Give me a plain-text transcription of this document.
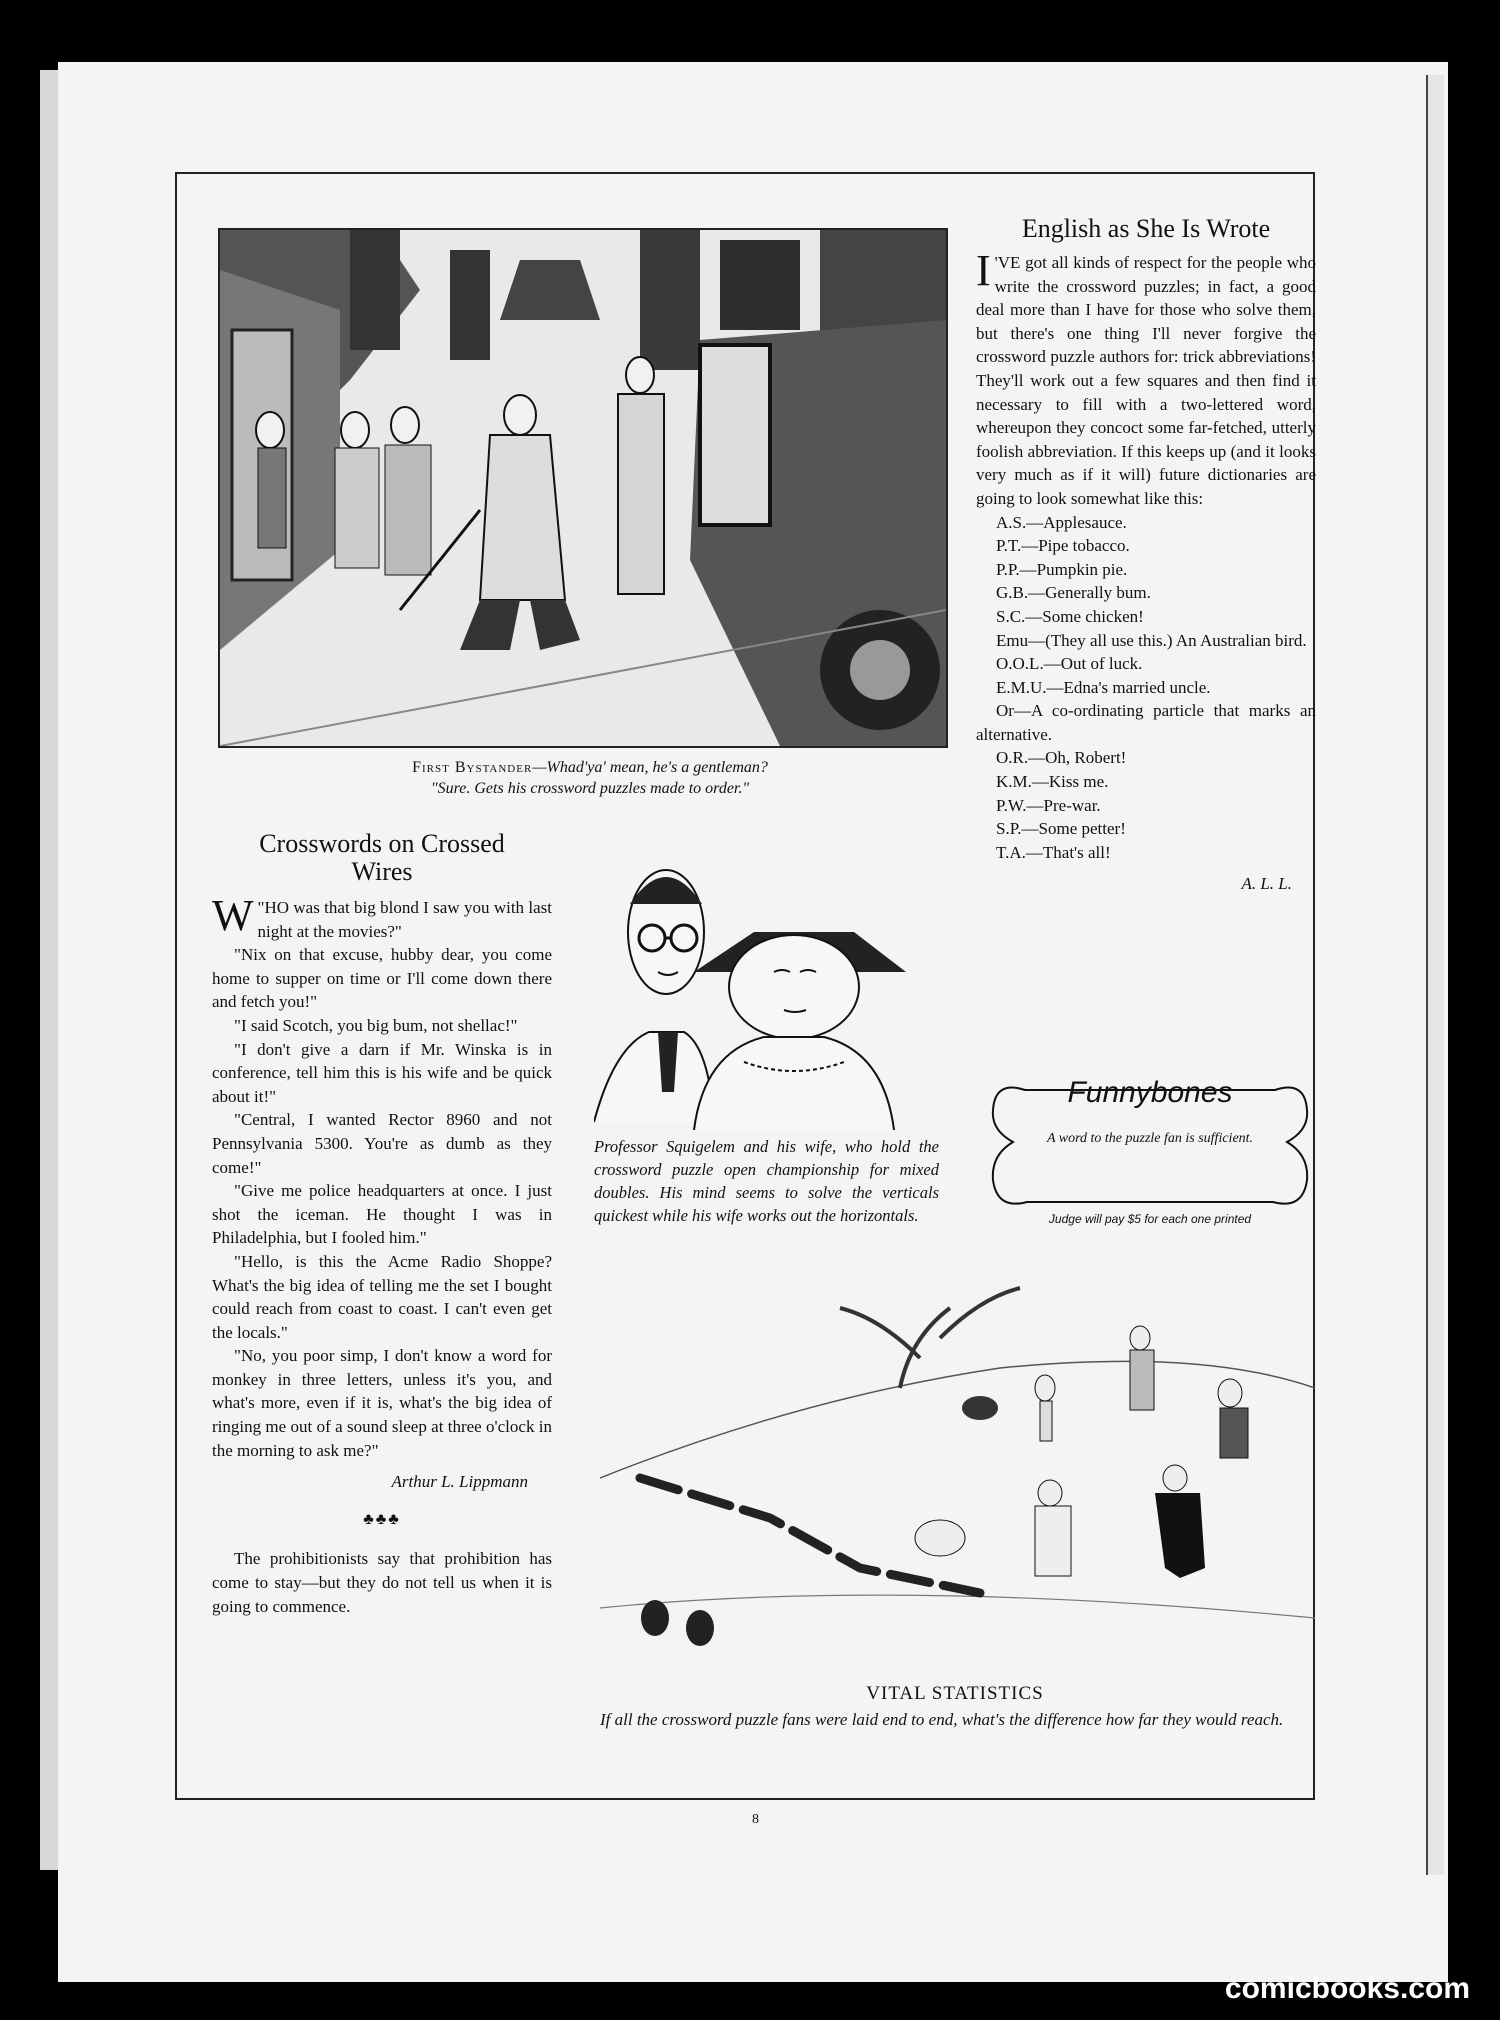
First Bystander—Whad'ya' mean, he's a gentleman?
"Sure. Gets his crossword puzzles made to order."
English as She Is Wrote

I 'VE got all kinds of respect for the people who write the crossword puzzles; in fact, a good deal more than I have for those who solve them, but there's one thing I'll never forgive the crossword puzzle authors for: trick abbreviations! They'll work out a few squares and then find it necessary to fill with a two-lettered word, whereupon they concoct some far-fetched, utterly foolish abbreviation. If this keeps up (and it looks very much as if it will) future dictionaries are going to look somewhat like this:

A.S.—Applesauce.

P.T.—Pipe tobacco.

P.P.—Pumpkin pie.

G.B.—Generally bum.

S.C.—Some chicken!

Emu—(They all use this.) An Australian bird.

O.O.L.—Out of luck.

E.M.U.—Edna's married uncle.

Or—A co-ordinating particle that marks an alternative.

O.R.—Oh, Robert!

K.M.—Kiss me.

P.W.—Pre-war.

S.P.—Some petter!

T.A.—That's all!

A. L. L.

Crosswords on Crossed Wires

"
W HO was that big blond I saw you with last night at the movies?"

"Nix on that excuse, hubby dear, you come home to supper on time or I'll come down there and fetch you!"

"I said Scotch, you big bum, not shellac!"

"I don't give a darn if Mr. Winska is in conference, tell him this is his wife and be quick about it!"

"Central, I wanted Rector 8960 and not Pennsylvania 5300. You're as dumb as they come!"

"Give me police headquarters at once. I just shot the iceman. He thought I was in Philadelphia, but I fooled him."

"Hello, is this the Acme Radio Shoppe? What's the big idea of telling me the set I bought could reach from coast to coast. I can't even get the locals."

"No, you poor simp, I don't know a word for monkey in three letters, unless it's you, and what's more, even if it is, what's the big idea of ringing me out of a sound sleep at three o'clock in the morning to ask me?"

Arthur L. Lippmann

♣♣♣

The prohibitionists say that prohibition has come to stay—but they do not tell us when it is going to commence.

Professor Squigelem and his wife, who hold the crossword puzzle open championship for mixed doubles. His mind seems to solve the verticals quickest while his wife works out the horizontals.
Funnybones
A word to the puzzle fan is sufficient.
Judge will pay $5 for each one printed
VITAL STATISTICS
If all the crossword puzzle fans were laid end to end, what's the difference how far they would reach.
8
comicbooks.com
